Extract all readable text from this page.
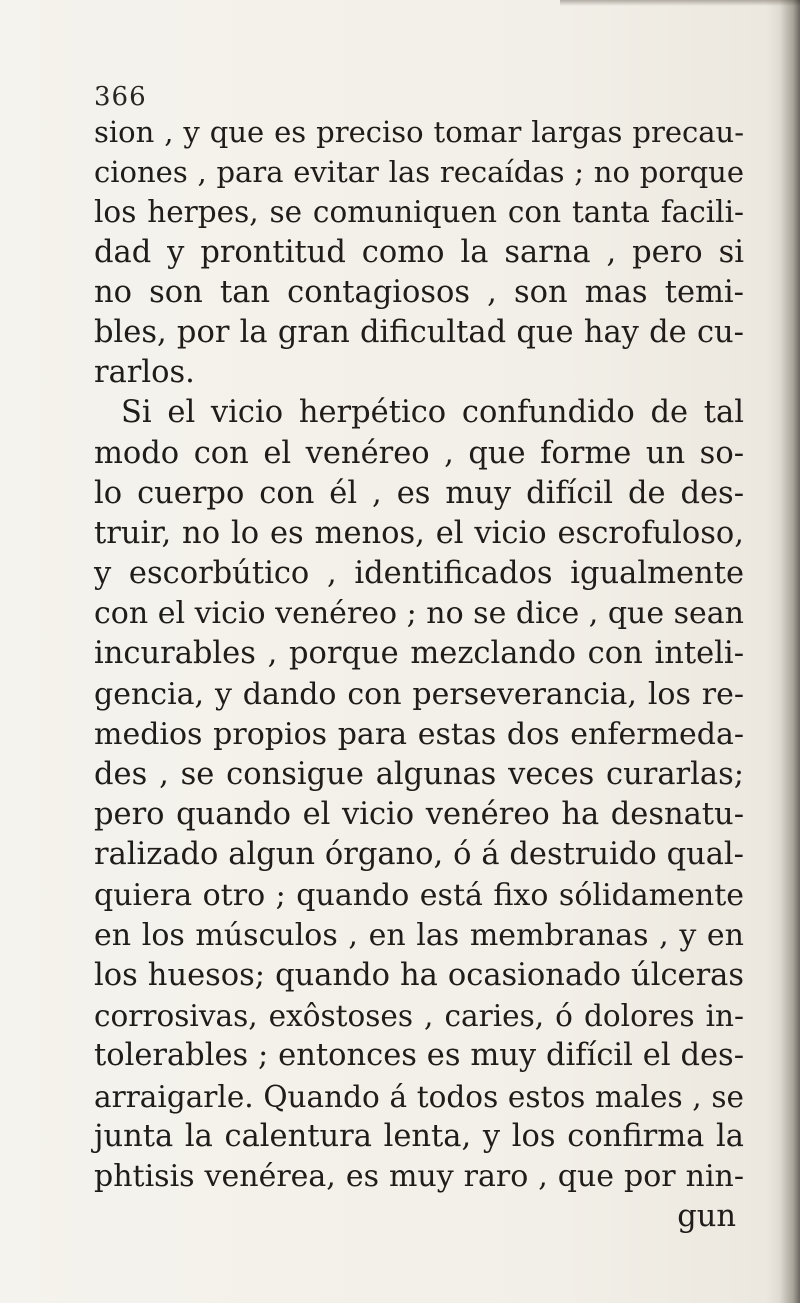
366

sion , y que es preciso tomar largas precau-
ciones , para evitar las recaídas ; no porque
los herpes, se comuniquen con tanta facili-
dad y prontitud como la sarna , pero si
no son tan contagiosos , son mas temi-
bles, por la gran dificultad que hay de cu-
rarlos.
Si el vicio herpético confundido de tal
modo con el venéreo , que forme un so-
lo cuerpo con él , es muy difícil de des-
truir, no lo es menos, el vicio escrofuloso,
y escorbútico , identificados igualmente
con el vicio venéreo ; no se dice , que sean
incurables , porque mezclando con inteli-
gencia, y dando con perseverancia, los re-
medios propios para estas dos enfermeda-
des , se consigue algunas veces curarlas;
pero quando el vicio venéreo ha desnatu-
ralizado algun órgano, ó á destruido qual-
quiera otro ; quando está fixo sólidamente
en los músculos , en las membranas , y en
los huesos; quando ha ocasionado úlceras
corrosivas, exôstoses , caries, ó dolores in-
tolerables ; entonces es muy difícil el des-
arraigarle. Quando á todos estos males , se
junta la calentura lenta, y los confirma la
phtisis venérea, es muy raro , que por nin-
gun
